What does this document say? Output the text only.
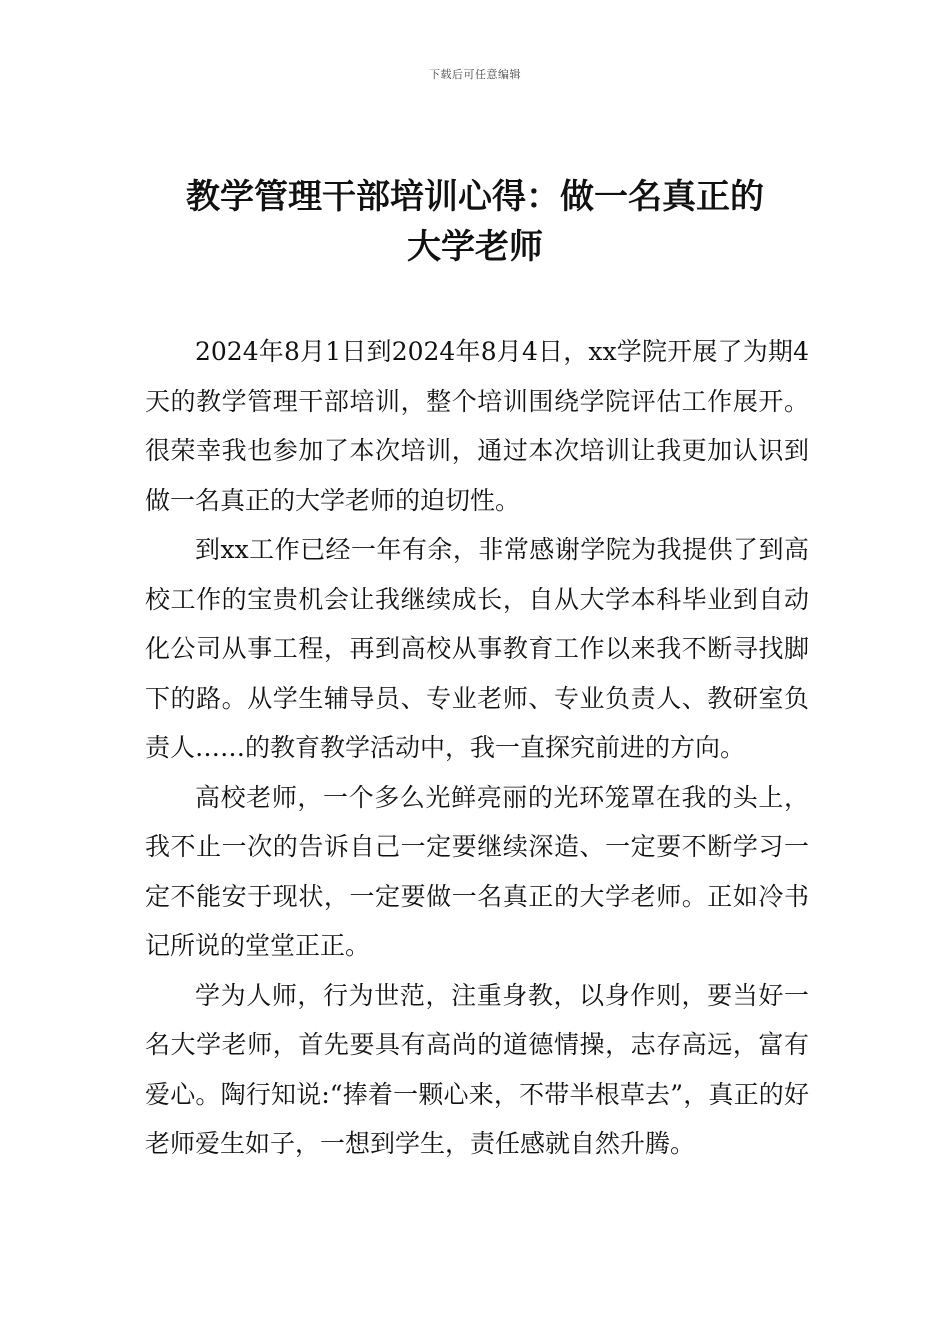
下载后可任意编辑
教学管理干部培训心得：做一名真正的
大学老师

2024年8月1日到2024年8月4日，xx学院开展了为期4天的教学管理干部培训，整个培训围绕学院评估工作展开。很荣幸我也参加了本次培训，通过本次培训让我更加认识到做一名真正的大学老师的迫切性。

到xx工作已经一年有余，非常感谢学院为我提供了到高校工作的宝贵机会让我继续成长，自从大学本科毕业到自动化公司从事工程，再到高校从事教育工作以来我不断寻找脚下的路。从学生辅导员、专业老师、专业负责人、教研室负责人……的教育教学活动中，我一直探究前进的方向。

高校老师，一个多么光鲜亮丽的光环笼罩在我的头上，我不止一次的告诉自己一定要继续深造、一定要不断学习一定不能安于现状，一定要做一名真正的大学老师。正如冷书记所说的堂堂正正。

学为人师，行为世范，注重身教，以身作则，要当好一名大学老师，首先要具有高尚的道德情操，志存高远，富有爱心。陶行知说:“捧着一颗心来，不带半根草去”，真正的好老师爱生如子，一想到学生，责任感就自然升腾。
